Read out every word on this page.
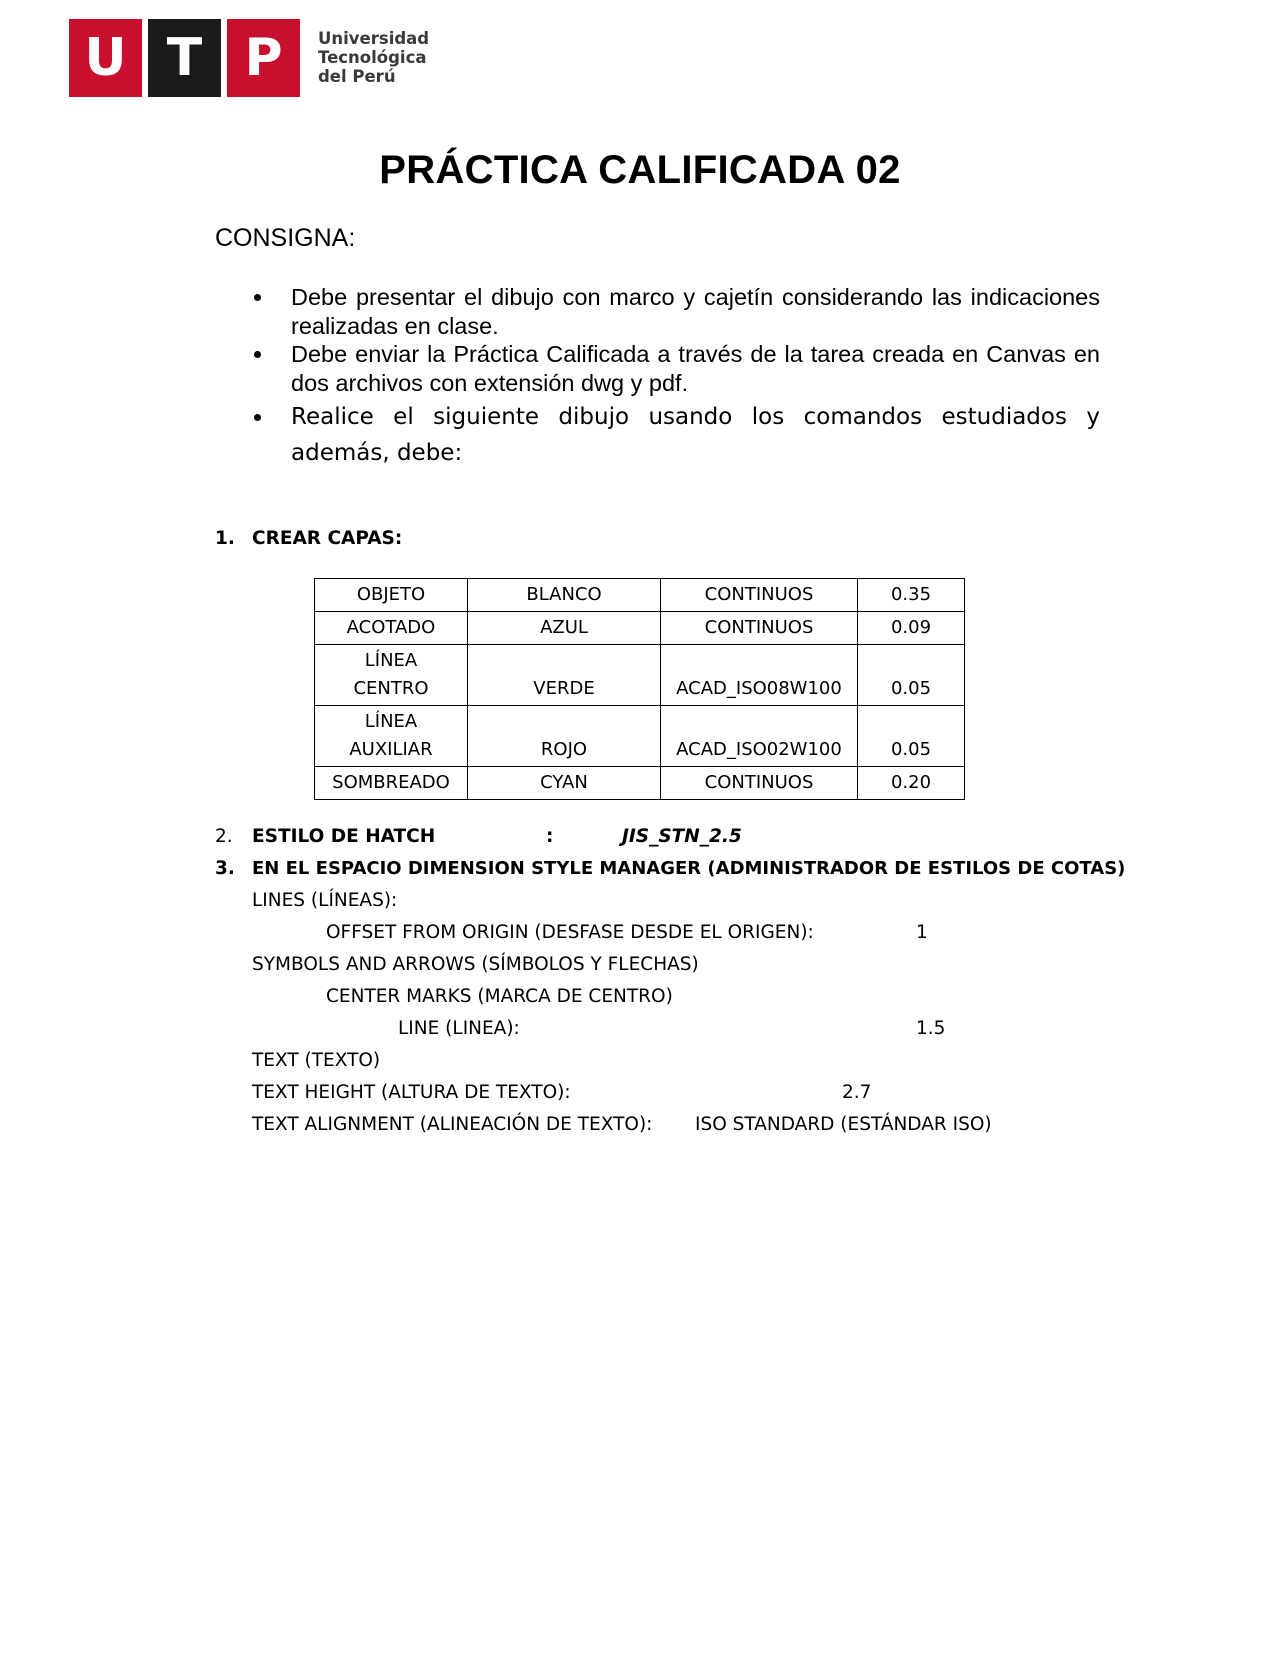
U T P	Universidad
Tecnológica
del Perú
PRÁCTICA CALIFICADA 02
CONSIGNA:
Debe presentar el dibujo con marco y cajetín considerando las indicaciones realizadas en clase.
Debe enviar la Práctica Calificada a través de la tarea creada en Canvas en dos archivos con extensión dwg y pdf.
Realice el siguiente dibujo usando los comandos estudiados y además, debe:
1. CREAR CAPAS:
OBJETO	BLANCO	CONTINUOS	0.35
ACOTADO	AZUL	CONTINUOS	0.09

LÍNEA
CENTRO	VERDE	ACAD_ISO08W100	0.05

LÍNEA
AUXILIAR	ROJO	ACAD_ISO02W100	0.05
SOMBREADO	CYAN	CONTINUOS	0.20
2. ESTILO DE HATCH	:	JIS_STN_2.5
3. EN EL ESPACIO DIMENSION STYLE MANAGER (ADMINISTRADOR DE ESTILOS DE COTAS)
LINES (LÍNEAS):
OFFSET FROM ORIGIN (DESFASE DESDE EL ORIGEN):	1
SYMBOLS AND ARROWS (SÍMBOLOS Y FLECHAS)
CENTER MARKS (MARCA DE CENTRO)
LINE (LINEA):	1.5
TEXT (TEXTO)
TEXT HEIGHT (ALTURA DE TEXTO):	2.7
TEXT ALIGNMENT (ALINEACIÓN DE TEXTO): ISO STANDARD (ESTÁNDAR ISO)
